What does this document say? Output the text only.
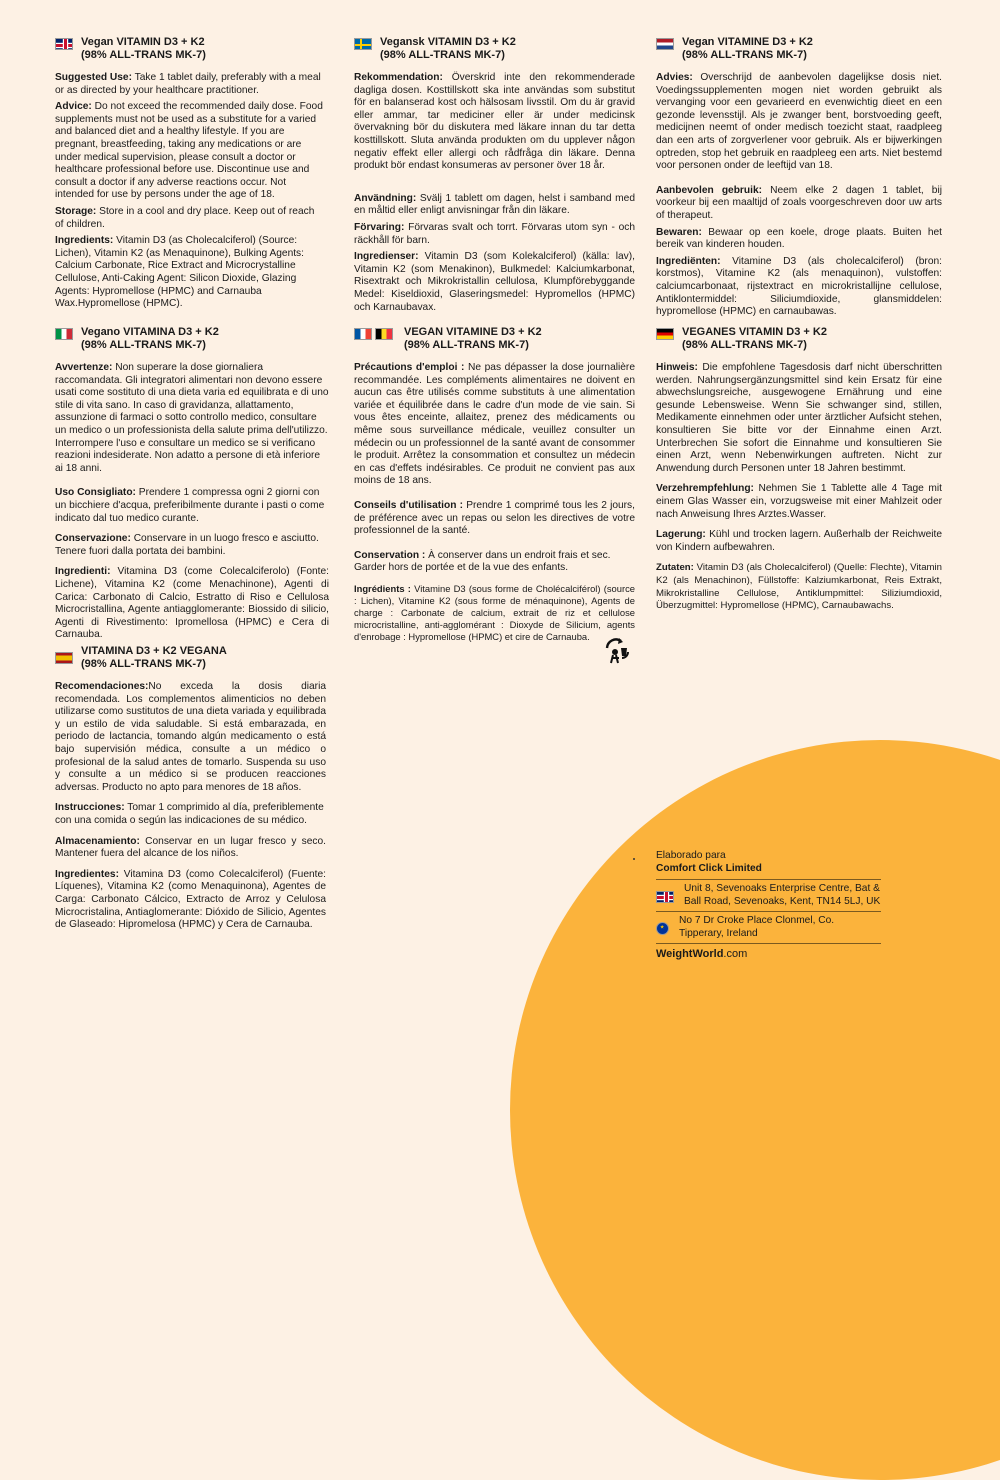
Vegan VITAMIN D3 + K2
(98% ALL-TRANS MK-7)

Suggested Use: Take 1 tablet daily, preferably with a meal or as directed by your healthcare practitioner.

Advice: Do not exceed the recommended daily dose. Food supplements must not be used as a substitute for a varied and balanced diet and a healthy lifestyle. If you are pregnant, breastfeeding, taking any medications or are under medical supervision, please consult a doctor or healthcare professional before use. Discontinue use and consult a doctor if any adverse reactions occur. Not intended for use by persons under the age of 18.

Storage: Store in a cool and dry place. Keep out of reach of children.

Ingredients: Vitamin D3 (as Cholecalciferol) (Source: Lichen), Vitamin K2 (as Menaquinone), Bulking Agents: Calcium Carbonate, Rice Extract and Microcrystalline Cellulose, Anti-Caking Agent: Silicon Dioxide, Glazing Agents: Hypromellose (HPMC) and Carnauba Wax.Hypromellose (HPMC).

Vegansk VITAMIN D3 + K2
(98% ALL-TRANS MK-7)

Rekommendation: Överskrid inte den rekommenderade dagliga dosen. Kosttillskott ska inte användas som substitut för en balanserad kost och hälsosam livsstil. Om du är gravid eller ammar, tar mediciner eller är under medicinsk övervakning bör du diskutera med läkare innan du tar detta kosttillskott. Sluta använda produkten om du upplever någon negativ effekt eller allergi och rådfråga din läkare. Denna produkt bör endast konsumeras av personer över 18 år.

Användning: Svälj 1 tablett om dagen, helst i samband med en måltid eller enligt anvisningar från din läkare.

Förvaring: Förvaras svalt och torrt. Förvaras utom syn - och räckhåll för barn.

Ingredienser: Vitamin D3 (som Kolekalciferol) (källa: lav), Vitamin K2 (som Menakinon), Bulkmedel: Kalciumkarbonat, Risextrakt och Mikrokristallin cellulosa, Klumpförebyggande Medel: Kiseldioxid, Glaseringsmedel: Hypromellos (HPMC) och Karnaubavax.

Vegan VITAMINE D3 + K2
(98% ALL-TRANS MK-7)

Advies: Overschrijd de aanbevolen dagelijkse dosis niet. Voedingssupplementen mogen niet worden gebruikt als vervanging voor een gevarieerd en evenwichtig dieet en een gezonde levensstijl. Als je zwanger bent, borstvoeding geeft, medicijnen neemt of onder medisch toezicht staat, raadpleeg dan een arts of zorgverlener voor gebruik. Als er bijwerkingen optreden, stop het gebruik en raadpleeg een arts. Niet bestemd voor personen onder de leeftijd van 18.

Aanbevolen gebruik: Neem elke 2 dagen 1 tablet, bij voorkeur bij een maaltijd of zoals voorgeschreven door uw arts of therapeut.

Bewaren: Bewaar op een koele, droge plaats. Buiten het bereik van kinderen houden.

Ingrediënten: Vitamine D3 (als cholecalciferol) (bron: korstmos), Vitamine K2 (als menaquinon), vulstoffen: calciumcarbonaat, rijstextract en microkristallijne cellulose, Antiklontermiddel: Siliciumdioxide, glansmiddelen: hypromellose (HPMC) en carnaubawas.

Vegano VITAMINA D3 + K2
(98% ALL-TRANS MK-7)

Avvertenze: Non superare la dose giornaliera raccomandata. Gli integratori alimentari non devono essere usati come sostituto di una dieta varia ed equilibrata e di uno stile di vita sano. In caso di gravidanza, allattamento, assunzione di farmaci o sotto controllo medico, consultare un medico o un professionista della salute prima dell'utilizzo. Interrompere l'uso e consultare un medico se si verificano reazioni indesiderate. Non adatto a persone di età inferiore ai 18 anni.

Uso Consigliato: Prendere 1 compressa ogni 2 giorni con un bicchiere d'acqua, preferibilmente durante i pasti o come indicato dal tuo medico curante.

Conservazione: Conservare in un luogo fresco e asciutto. Tenere fuori dalla portata dei bambini.

Ingredienti: Vitamina D3 (come Colecalciferolo) (Fonte: Lichene), Vitamina K2 (come Menachinone), Agenti di Carica: Carbonato di Calcio, Estratto di Riso e Cellulosa Microcristallina, Agente antiagglomerante: Biossido di silicio, Agenti di Rivestimento: Ipromellosa (HPMC) e Cera di Carnauba.

VEGAN VITAMINE D3 + K2
(98% ALL-TRANS MK-7)

Précautions d'emploi : Ne pas dépasser la dose journalière recommandée. Les compléments alimentaires ne doivent en aucun cas être utilisés comme substituts à une alimentation variée et équilibrée dans le cadre d'un mode de vie sain. Si vous êtes enceinte, allaitez, prenez des médicaments ou même sous surveillance médicale, veuillez consulter un médecin ou un professionnel de la santé avant de consommer le produit. Arrêtez la consommation et consultez un médecin en cas d'effets indésirables. Ce produit ne convient pas aux moins de 18 ans.

Conseils d'utilisation : Prendre 1 comprimé tous les 2 jours, de préférence avec un repas ou selon les directives de votre professionnel de la santé.

Conservation : À conserver dans un endroit frais et sec. Garder hors de portée et de la vue des enfants.

Ingrédients : Vitamine D3 (sous forme de Cholécalciférol) (source : Lichen), Vitamine K2 (sous forme de ménaquinone), Agents de charge : Carbonate de calcium, extrait de riz et cellulose microcristalline, anti-agglomérant : Dioxyde de Silicium, agents d'enrobage : Hypromellose (HPMC) et cire de Carnauba.

VEGANES VITAMIN D3 + K2
(98% ALL-TRANS MK-7)

Hinweis: Die empfohlene Tagesdosis darf nicht überschritten werden. Nahrungsergänzungsmittel sind kein Ersatz für eine abwechslungsreiche, ausgewogene Ernährung und eine gesunde Lebensweise. Wenn Sie schwanger sind, stillen, Medikamente einnehmen oder unter ärztlicher Aufsicht stehen, konsultieren Sie bitte vor der Einnahme einen Arzt. Unterbrechen Sie sofort die Einnahme und konsultieren Sie einen Arzt, wenn Nebenwirkungen auftreten. Nicht zur Anwendung durch Personen unter 18 Jahren bestimmt.

Verzehrempfehlung: Nehmen Sie 1 Tablette alle 4 Tage mit einem Glas Wasser ein, vorzugsweise mit einer Mahlzeit oder nach Anweisung Ihres Arztes.Wasser.

Lagerung: Kühl und trocken lagern. Außerhalb der Reichweite von Kindern aufbewahren.

Zutaten: Vitamin D3 (als Cholecalciferol) (Quelle: Flechte), Vitamin K2 (als Menachinon), Füllstoffe: Kalziumkarbonat, Reis Extrakt, Mikrokristalline Cellulose, Antiklumpmittel: Siliziumdioxid, Überzugmittel: Hypromellose (HPMC), Carnaubawachs.

VITAMINA D3 + K2 VEGANA
(98% ALL-TRANS MK-7)

Recomendaciones:No exceda la dosis diaria recomendada. Los complementos alimenticios no deben utilizarse como sustitutos de una dieta variada y equilibrada y un estilo de vida saludable. Si está embarazada, en periodo de lactancia, tomando algún medicamento o está bajo supervisión médica, consulte a un médico o profesional de la salud antes de tomarlo. Suspenda su uso y consulte a un médico si se producen reacciones adversas. Producto no apto para menores de 18 años.

Instrucciones: Tomar 1 comprimido al día, preferiblemente con una comida o según las indicaciones de su médico.

Almacenamiento: Conservar en un lugar fresco y seco. Mantener fuera del alcance de los niños.

Ingredientes: Vitamina D3 (como Colecalciferol) (Fuente: Líquenes), Vitamina K2 (como Menaquinona), Agentes de Carga: Carbonato Cálcico, Extracto de Arroz y Celulosa Microcristalina, Antiaglomerante: Dióxido de Silicio, Agentes de Glaseado: Hipromelosa (HPMC) y Cera de Carnauba.

Elaborado para
Comfort Click Limited
Unit 8, Sevenoaks Enterprise Centre, Bat & Ball Road, Sevenoaks, Kent, TN14 5LJ, UK
⋆
No 7 Dr Croke Place Clonmel, Co. Tipperary, Ireland
WeightWorld.com
